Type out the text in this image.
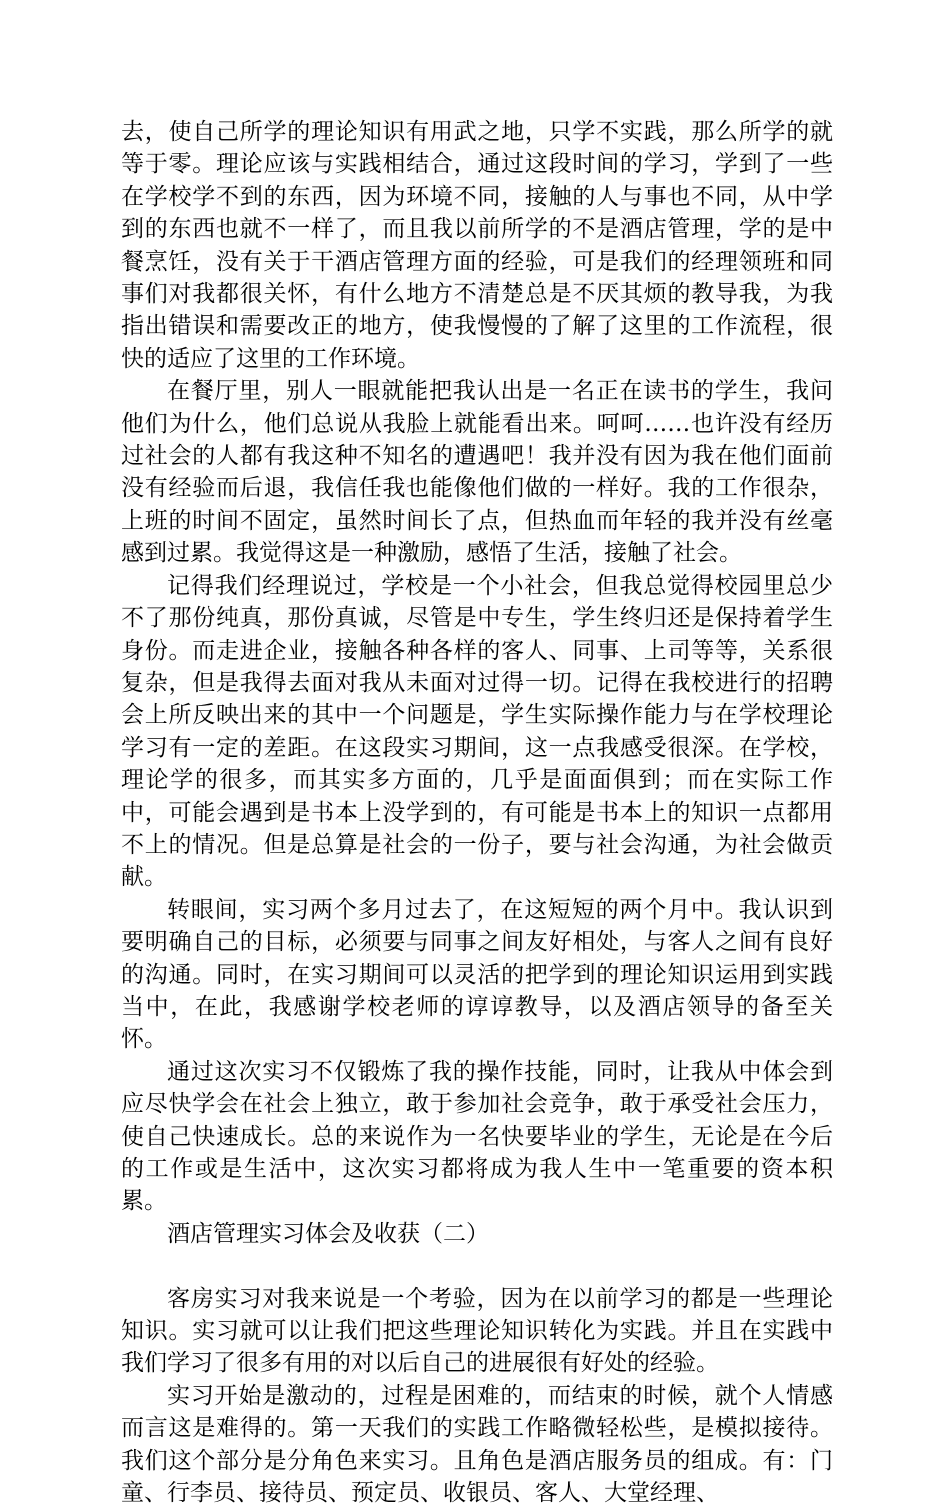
去，使自己所学的理论知识有用武之地，只学不实践，那么所学的就等于零。理论应该与实践相结合，通过这段时间的学习，学到了一些在学校学不到的东西，因为环境不同，接触的人与事也不同，从中学到的东西也就不一样了，而且我以前所学的不是酒店管理，学的是中餐烹饪，没有关于干酒店管理方面的经验，可是我们的经理领班和同事们对我都很关怀，有什么地方不清楚总是不厌其烦的教导我，为我指出错误和需要改正的地方，使我慢慢的了解了这里的工作流程，很快的适应了这里的工作环境。

在餐厅里，别人一眼就能把我认出是一名正在读书的学生，我问他们为什么，他们总说从我脸上就能看出来。呵呵……也许没有经历过社会的人都有我这种不知名的遭遇吧！我并没有因为我在他们面前没有经验而后退，我信任我也能像他们做的一样好。我的工作很杂，上班的时间不固定，虽然时间长了点，但热血而年轻的我并没有丝毫感到过累。我觉得这是一种激励，感悟了生活，接触了社会。

记得我们经理说过，学校是一个小社会，但我总觉得校园里总少不了那份纯真，那份真诚，尽管是中专生，学生终归还是保持着学生身份。而走进企业，接触各种各样的客人、同事、上司等等，关系很复杂，但是我得去面对我从未面对过得一切。记得在我校进行的招聘会上所反映出来的其中一个问题是，学生实际操作能力与在学校理论学习有一定的差距。在这段实习期间，这一点我感受很深。在学校，理论学的很多，而其实多方面的，几乎是面面俱到；而在实际工作中，可能会遇到是书本上没学到的，有可能是书本上的知识一点都用不上的情况。但是总算是社会的一份子，要与社会沟通，为社会做贡献。

转眼间，实习两个多月过去了，在这短短的两个月中。我认识到要明确自己的目标，必须要与同事之间友好相处，与客人之间有良好的沟通。同时，在实习期间可以灵活的把学到的理论知识运用到实践当中，在此，我感谢学校老师的谆谆教导，以及酒店领导的备至关怀。

通过这次实习不仅锻炼了我的操作技能，同时，让我从中体会到应尽快学会在社会上独立，敢于参加社会竞争，敢于承受社会压力，使自己快速成长。总的来说作为一名快要毕业的学生，无论是在今后的工作或是生活中，这次实习都将成为我人生中一笔重要的资本积累。

酒店管理实习体会及收获（二）

客房实习对我来说是一个考验，因为在以前学习的都是一些理论知识。实习就可以让我们把这些理论知识转化为实践。并且在实践中我们学习了很多有用的对以后自己的进展很有好处的经验。

实习开始是激动的，过程是困难的，而结束的时候，就个人情感而言这是难得的。第一天我们的实践工作略微轻松些，是模拟接待。我们这个部分是分角色来实习。且角色是酒店服务员的组成。有：门童、行李员、接待员、预定员、收银员、客人、大堂经理、
